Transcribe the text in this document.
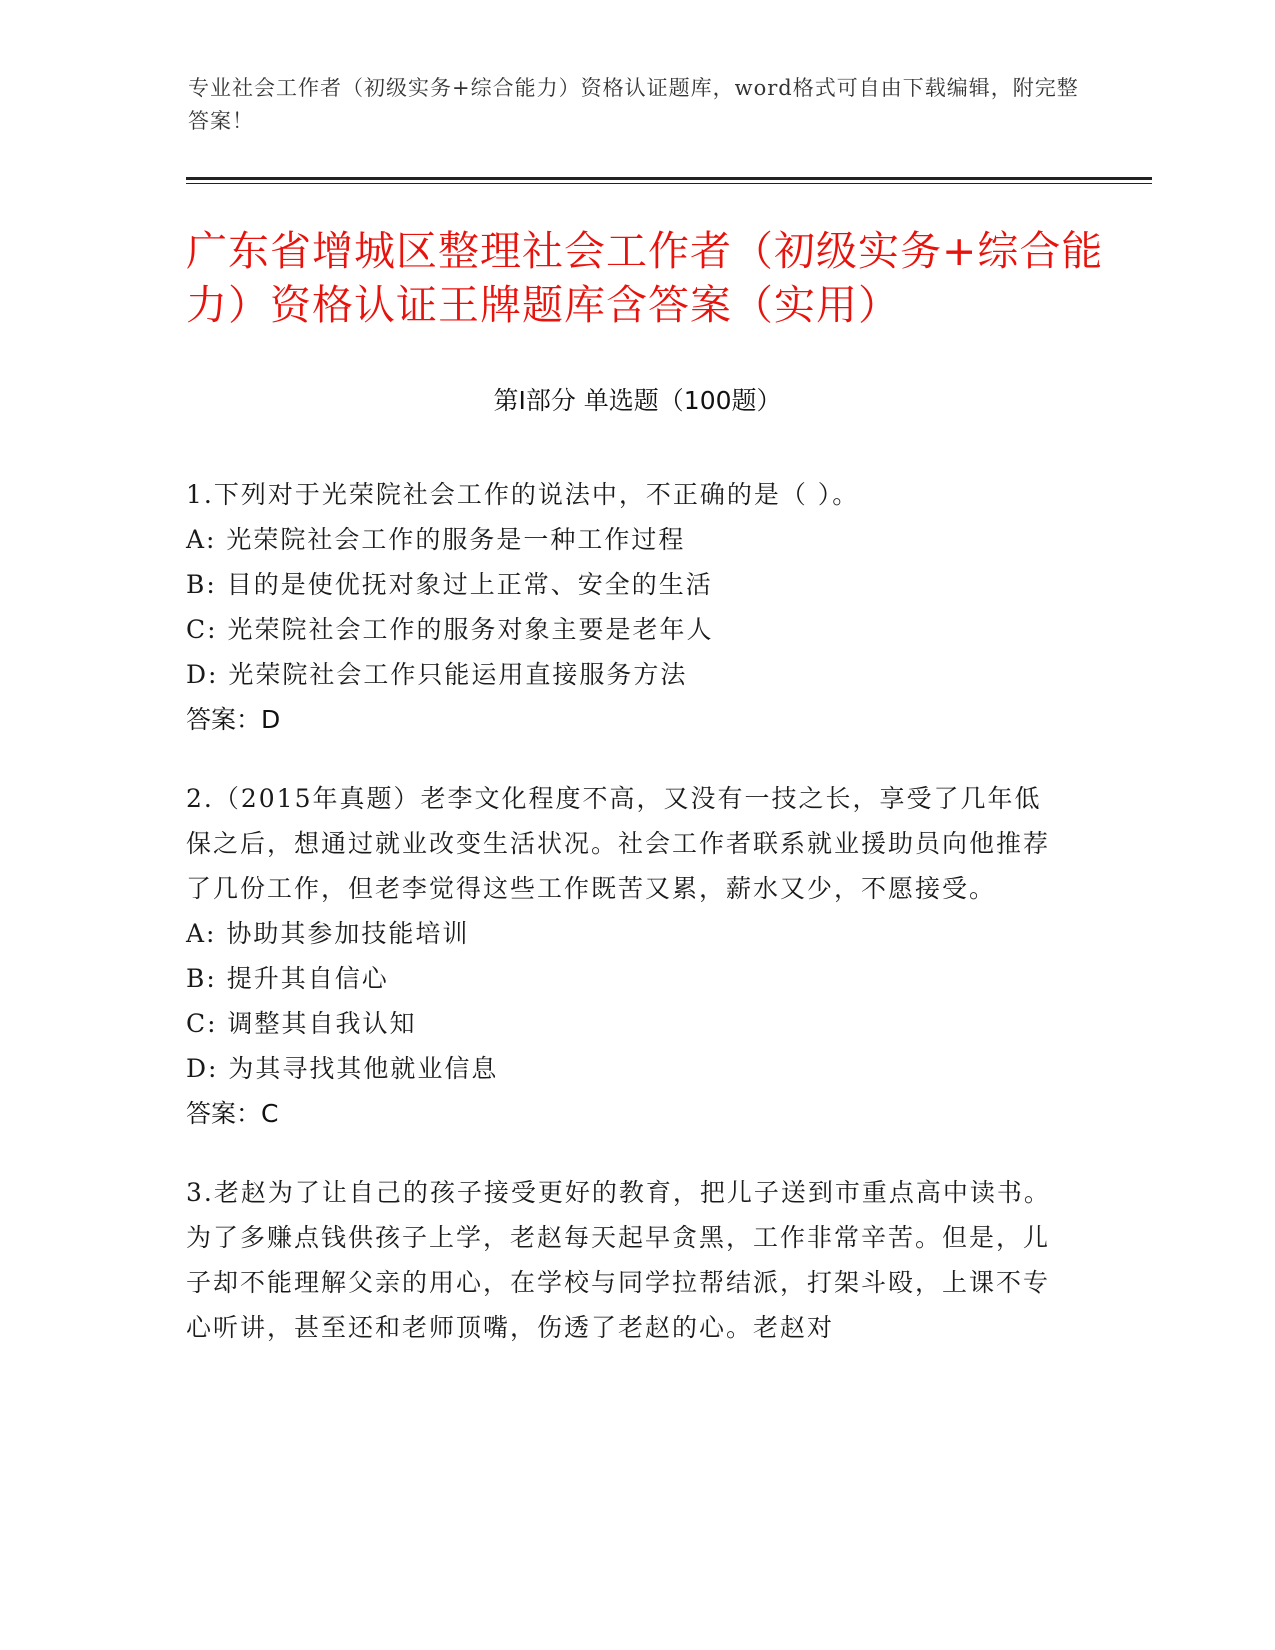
专业社会工作者（初级实务+综合能力）资格认证题库，word格式可自由下载编辑，附完整答案！
广东省增城区整理社会工作者（初级实务+综合能力）资格认证王牌题库含答案（实用）
第Ⅰ部分 单选题（100题）
1.下列对于光荣院社会工作的说法中，不正确的是（ ）。
A: 光荣院社会工作的服务是一种工作过程
B: 目的是使优抚对象过上正常、安全的生活
C: 光荣院社会工作的服务对象主要是老年人
D: 光荣院社会工作只能运用直接服务方法
答案：D
2.（2015年真题）老李文化程度不高，又没有一技之长，享受了几年低保之后，想通过就业改变生活状况。社会工作者联系就业援助员向他推荐了几份工作，但老李觉得这些工作既苦又累，薪水又少，不愿接受。
A: 协助其参加技能培训
B: 提升其自信心
C: 调整其自我认知
D: 为其寻找其他就业信息
答案：C
3.老赵为了让自己的孩子接受更好的教育，把儿子送到市重点高中读书。为了多赚点钱供孩子上学，老赵每天起早贪黑，工作非常辛苦。但是，儿子却不能理解父亲的用心，在学校与同学拉帮结派，打架斗殴，上课不专心听讲，甚至还和老师顶嘴，伤透了老赵的心。老赵对
